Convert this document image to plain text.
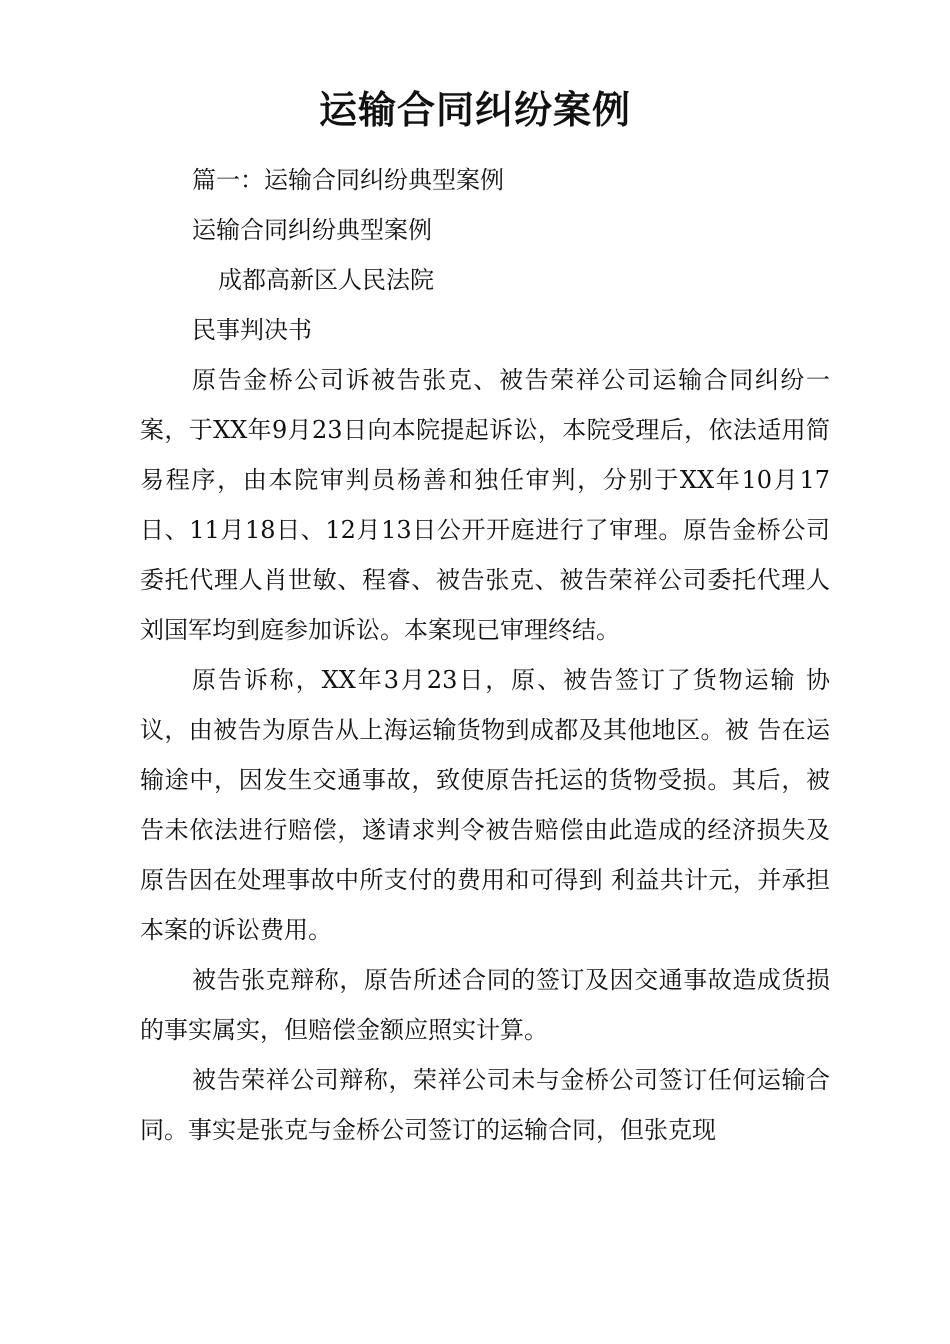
运输合同纠纷案例

篇一：运输合同纠纷典型案例

运输合同纠纷典型案例

成都高新区人民法院

民事判决书

原告金桥公司诉被告张克、被告荣祥公司运输合同纠纷一案，于XX年9月23日向本院提起诉讼，本院受理后，依法适用简易程序，由本院审判员杨善和独任审判，分别于XX年10月17日、11月18日、12月13日公开开庭进行了审理。原告金桥公司委托代理人肖世敏、程睿、被告张克、被告荣祥公司委托代理人刘国军均到庭参加诉讼。本案现已审理终结。

原告诉称，XX年3月23日，原、被告签订了货物运输 协议，由被告为原告从上海运输货物到成都及其他地区。被 告在运输途中，因发生交通事故，致使原告托运的货物受损。其后，被告未依法进行赔偿，遂请求判令被告赔偿由此造成的经济损失及原告因在处理事故中所支付的费用和可得到 利益共计元，并承担本案的诉讼费用。

被告张克辩称，原告所述合同的签订及因交通事故造成货损的事实属实，但赔偿金额应照实计算。

被告荣祥公司辩称，荣祥公司未与金桥公司签订任何运输合同。事实是张克与金桥公司签订的运输合同，但张克现
